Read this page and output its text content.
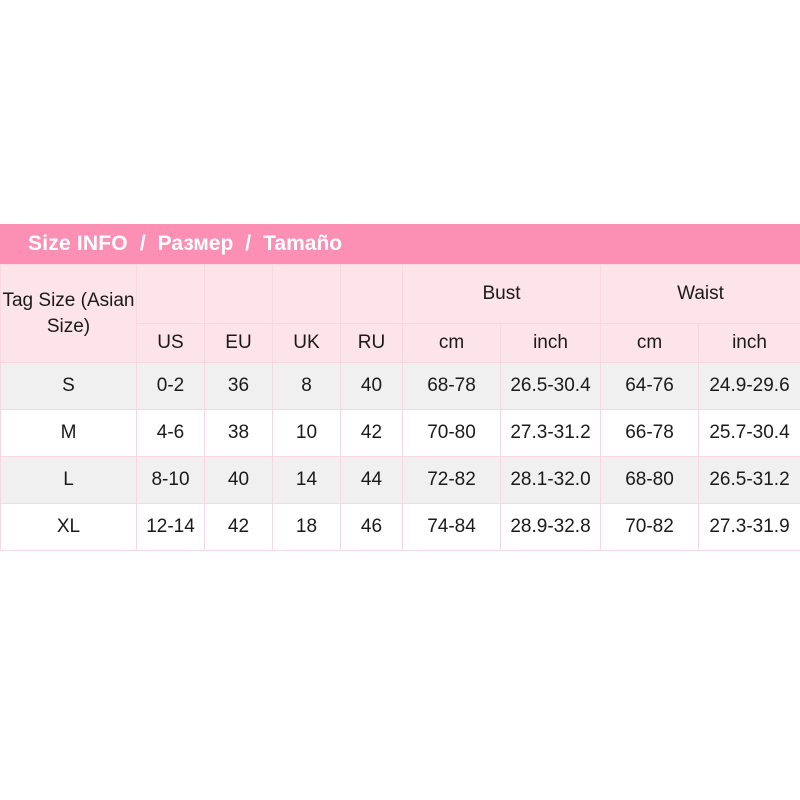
Size INFO / Размер / Tamaño
Tag Size (Asian Size)					Bust		Waist	
	US	EU	UK	RU	cm	inch	cm	inch
S	0-2	36	8	40	68-78	26.5-30.4	64-76	24.9-29.6
M	4-6	38	10	42	70-80	27.3-31.2	66-78	25.7-30.4
L	8-10	40	14	44	72-82	28.1-32.0	68-80	26.5-31.2
XL	12-14	42	18	46	74-84	28.9-32.8	70-82	27.3-31.9
